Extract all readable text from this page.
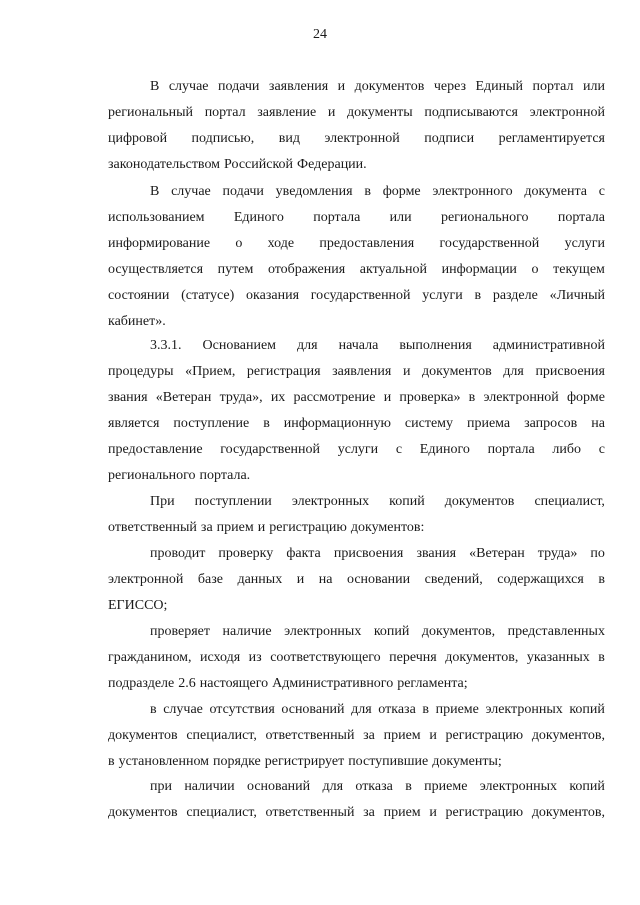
24
В случае подачи заявления и документов через Единый портал или
региональный портал заявление и документы подписываются электронной
цифровой подписью, вид электронной подписи регламентируется
законодательством Российской Федерации.
В случае подачи уведомления в форме электронного документа с
использованием Единого портала или регионального портала
информирование о ходе предоставления государственной услуги
осуществляется путем отображения актуальной информации о текущем
состоянии (статусе) оказания государственной услуги в разделе «Личный
кабинет».
3.3.1. Основанием для начала выполнения административной
процедуры «Прием, регистрация заявления и документов для присвоения
звания «Ветеран труда», их рассмотрение и проверка» в электронной форме
является поступление в информационную систему приема запросов на
предоставление государственной услуги с Единого портала либо с
регионального портала.
При поступлении электронных копий документов специалист,
ответственный за прием и регистрацию документов:
проводит проверку факта присвоения звания «Ветеран труда» по
электронной базе данных и на основании сведений, содержащихся в
ЕГИССО;
проверяет наличие электронных копий документов, представленных
гражданином, исходя из соответствующего перечня документов, указанных в
подразделе 2.6 настоящего Административного регламента;
в случае отсутствия оснований для отказа в приеме электронных копий
документов специалист, ответственный за прием и регистрацию документов,
в установленном порядке регистрирует поступившие документы;
при наличии оснований для отказа в приеме электронных копий
документов специалист, ответственный за прием и регистрацию документов,
